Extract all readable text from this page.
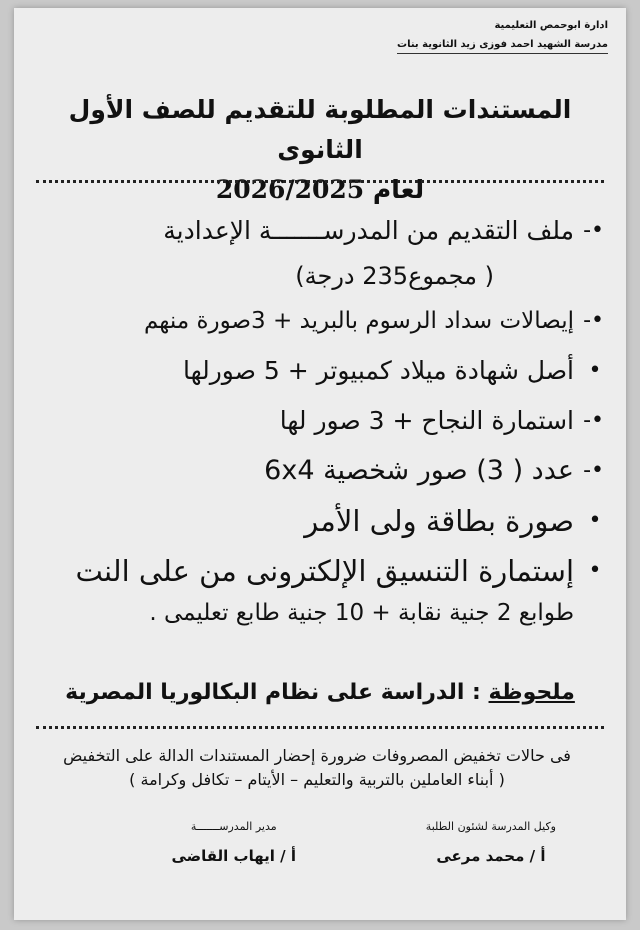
ادارة ابوحمص التعليمية
مدرسة الشهيد احمد فوزى زيد الثانوية بنات
المستندات المطلوبة للتقديم للصف الأول الثانوى
لعام 2026/2025
•-
ملف التقديم من المدرســـــــة الإعدادية
( مجموع235 درجة)
•-
إيصالات سداد الرسوم بالبريد + 3صورة منهم
•
أصل شهادة ميلاد كمبيوتر + 5 صورلها
•-
استمارة النجاح + 3 صور لها
•-
عدد ( 3) صور شخصية 6x4
•
صورة بطاقة ولى الأمر
•
إستمارة التنسيق الإلكترونى من على النت
طوابع 2 جنية نقابة + 10 جنية طابع تعليمى .
ملحوظة : الدراسة على نظام البكالوريا المصرية
فى حالات تخفيض المصروفات ضرورة إحضار المستندات الدالة على التخفيض
( أبناء العاملين بالتربية والتعليم – الأيتام – تكافل وكرامة )
وكيل المدرسة لشئون الطلبة
أ / محمد مرعى
مدير المدرســـــــة
أ / ايهاب القاضى
